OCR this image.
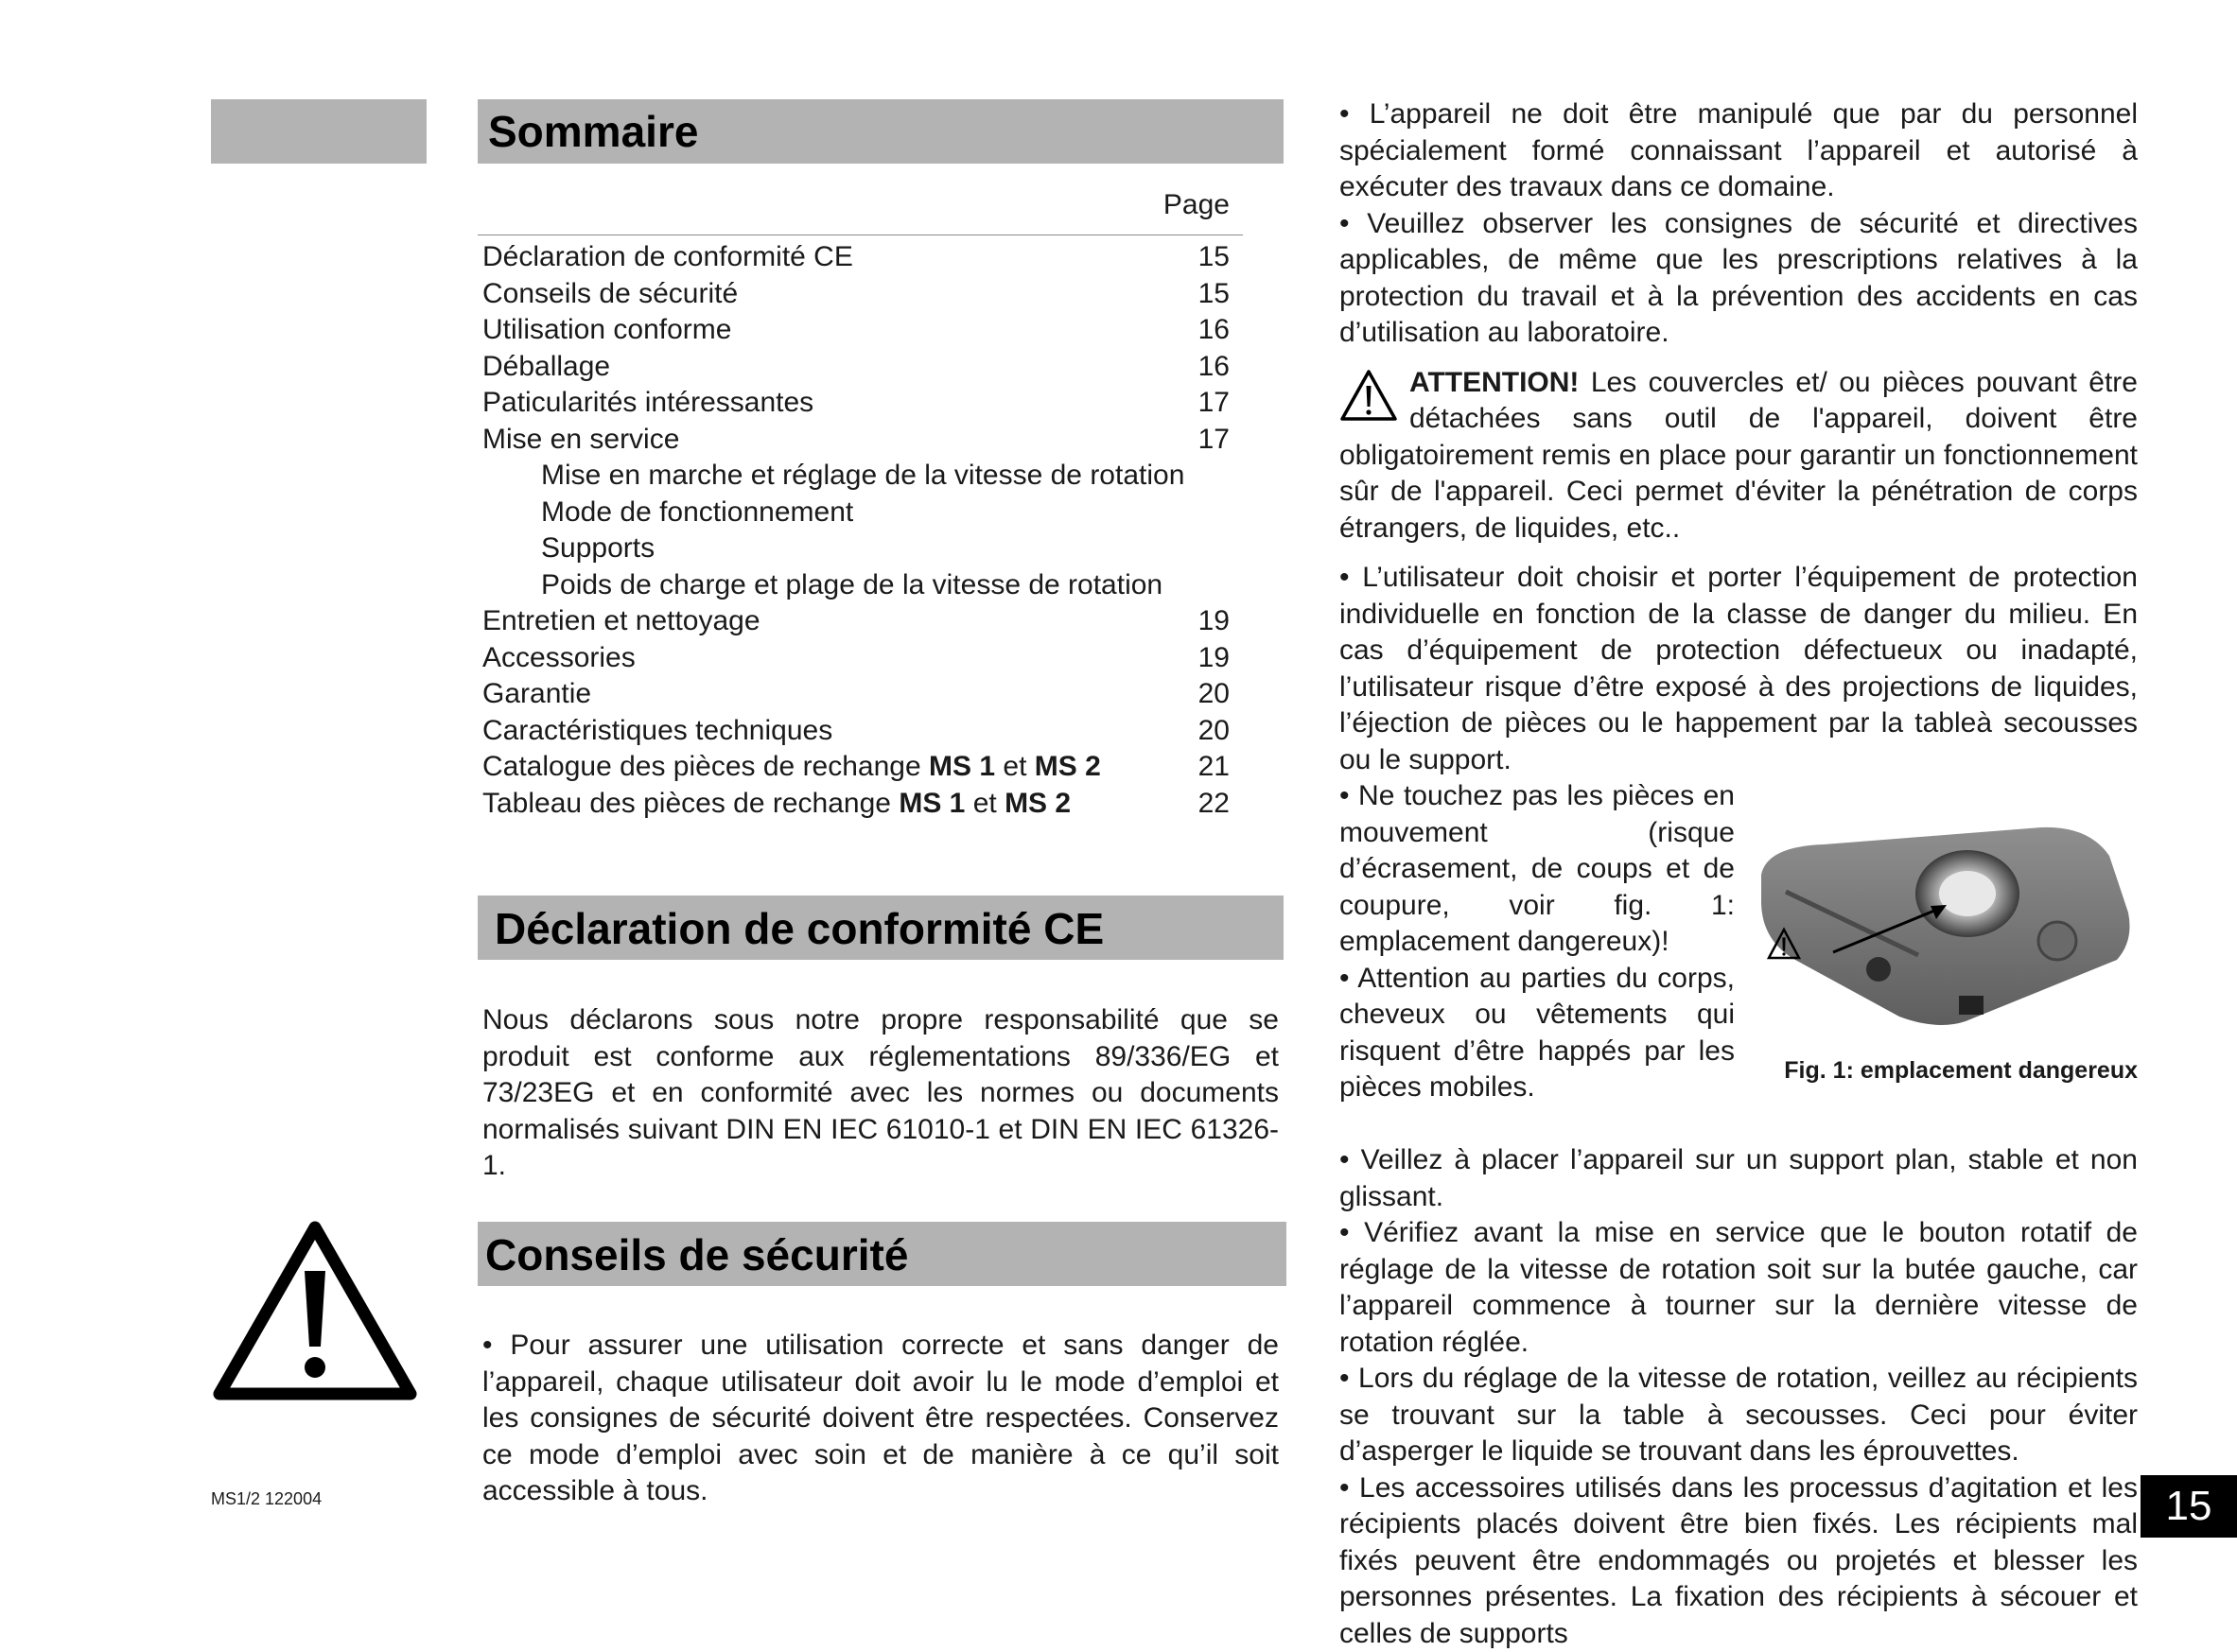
Sommaire
Page
Déclaration de conformité CE	15
Conseils de sécurité	15
Utilisation conforme	16
Déballage	16
Paticularités intéressantes	17
Mise en service	17
Mise en marche et réglage de la vitesse de rotation
Mode de fonctionnement
Supports
Poids de charge et plage de la vitesse de rotation
Entretien et nettoyage	19
Accessories	19
Garantie	20
Caractéristiques techniques	20
Catalogue des pièces de rechange MS 1 et MS 2	21
Tableau des pièces de rechange MS 1 et MS 2	22
Déclaration de conformité CE

Nous déclarons sous notre propre responsabilité que se produit est conforme aux réglementations 89/336/EG et 73/23EG et en conformité avec les normes ou documents normalisés suivant DIN EN IEC 61010-1 et DIN EN IEC 61326-1.

Conseils de sécurité

• Pour assurer une utilisation correcte et sans danger de l’appareil, chaque utilisateur doit avoir lu le mode d’emploi et les consignes de sécurité doivent être respectées. Conservez ce mode d’emploi avec soin et de manière à ce qu’il soit accessible à tous.

MS1/2 122004

• L’appareil ne doit être manipulé que par du personnel spécialement formé connaissant l’appareil et autorisé à exécuter des travaux dans ce domaine.

• Veuillez observer les consignes de sécurité et directives applicables, de même que les prescriptions relatives à la protection du travail et à la prévention des accidents en cas d’utilisation au laboratoire.

ATTENTION! Les couvercles et/ ou pièces pouvant être détachées sans outil de l'appareil, doivent être obligatoirement remis en place pour garantir un fonctionnement sûr de l'appareil. Ceci permet d'éviter la pénétration de corps étrangers, de liquides, etc..

• L’utilisateur doit choisir et porter l’équipement de protection individuelle en fonction de la classe de danger du milieu. En cas d’équipement de protection défectueux ou inadapté, l’utilisateur risque d’être exposé à des projections de liquides, l’éjection de pièces ou le happement par la tableà secousses ou le support.

• Ne touchez pas les pièces en mouvement (risque d’écrasement, de coups et de coupure, voir fig. 1: emplacement dangereux)!

• Attention au parties du corps, cheveux ou vêtements qui risquent d’être happés par les pièces mobiles.

Fig. 1: emplacement dangereux

• Veillez à placer l’appareil sur un support plan, stable et non glissant.

• Vérifiez avant la mise en service que le bouton rotatif de réglage de la vitesse de rotation soit sur la butée gauche, car l’appareil commence à tourner sur la dernière vitesse de rotation réglée.

• Lors du réglage de la vitesse de rotation, veillez au récipients se trouvant sur la table à secousses. Ceci pour éviter d’asperger le liquide se trouvant dans les éprouvettes.

• Les accessoires utilisés dans les processus d’agitation et les récipients placés doivent être bien fixés. Les récipients mal fixés peuvent être endommagés ou projetés et blesser les personnes présentes. La fixation des récipients à sécouer et celles de supports

15
